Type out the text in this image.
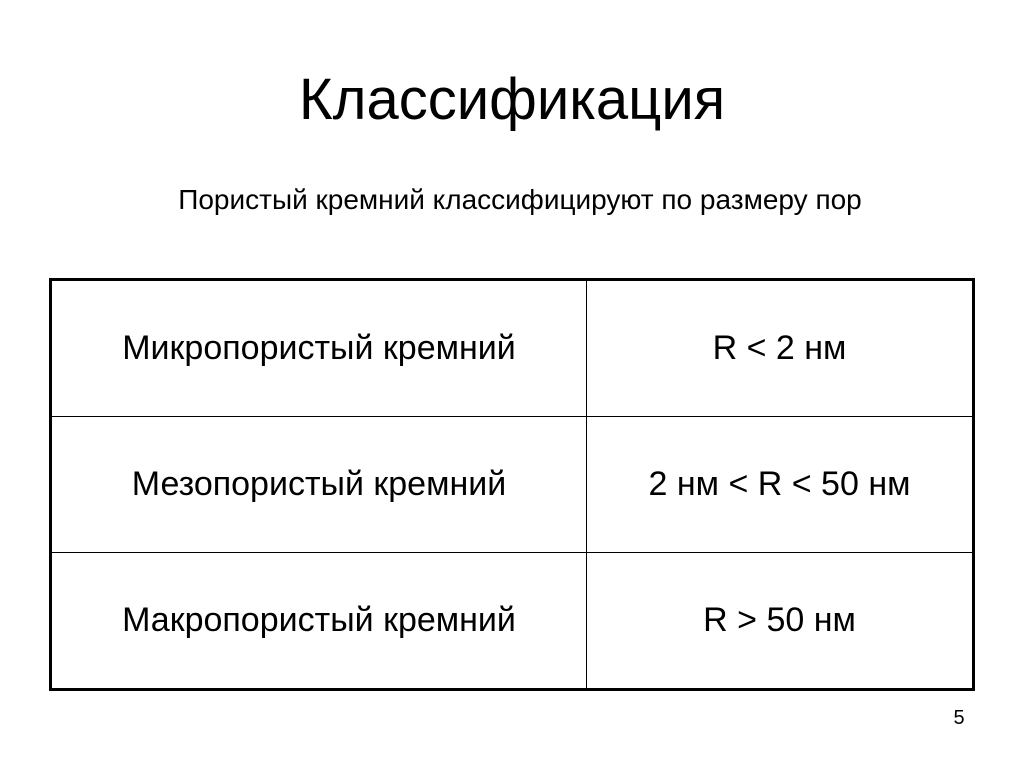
Классификация
Пористый кремний классифицируют по размеру пор
Микропористый кремний	R < 2 нм
Мезопористый кремний	2 нм < R < 50 нм
Макропористый кремний	R > 50 нм
5
